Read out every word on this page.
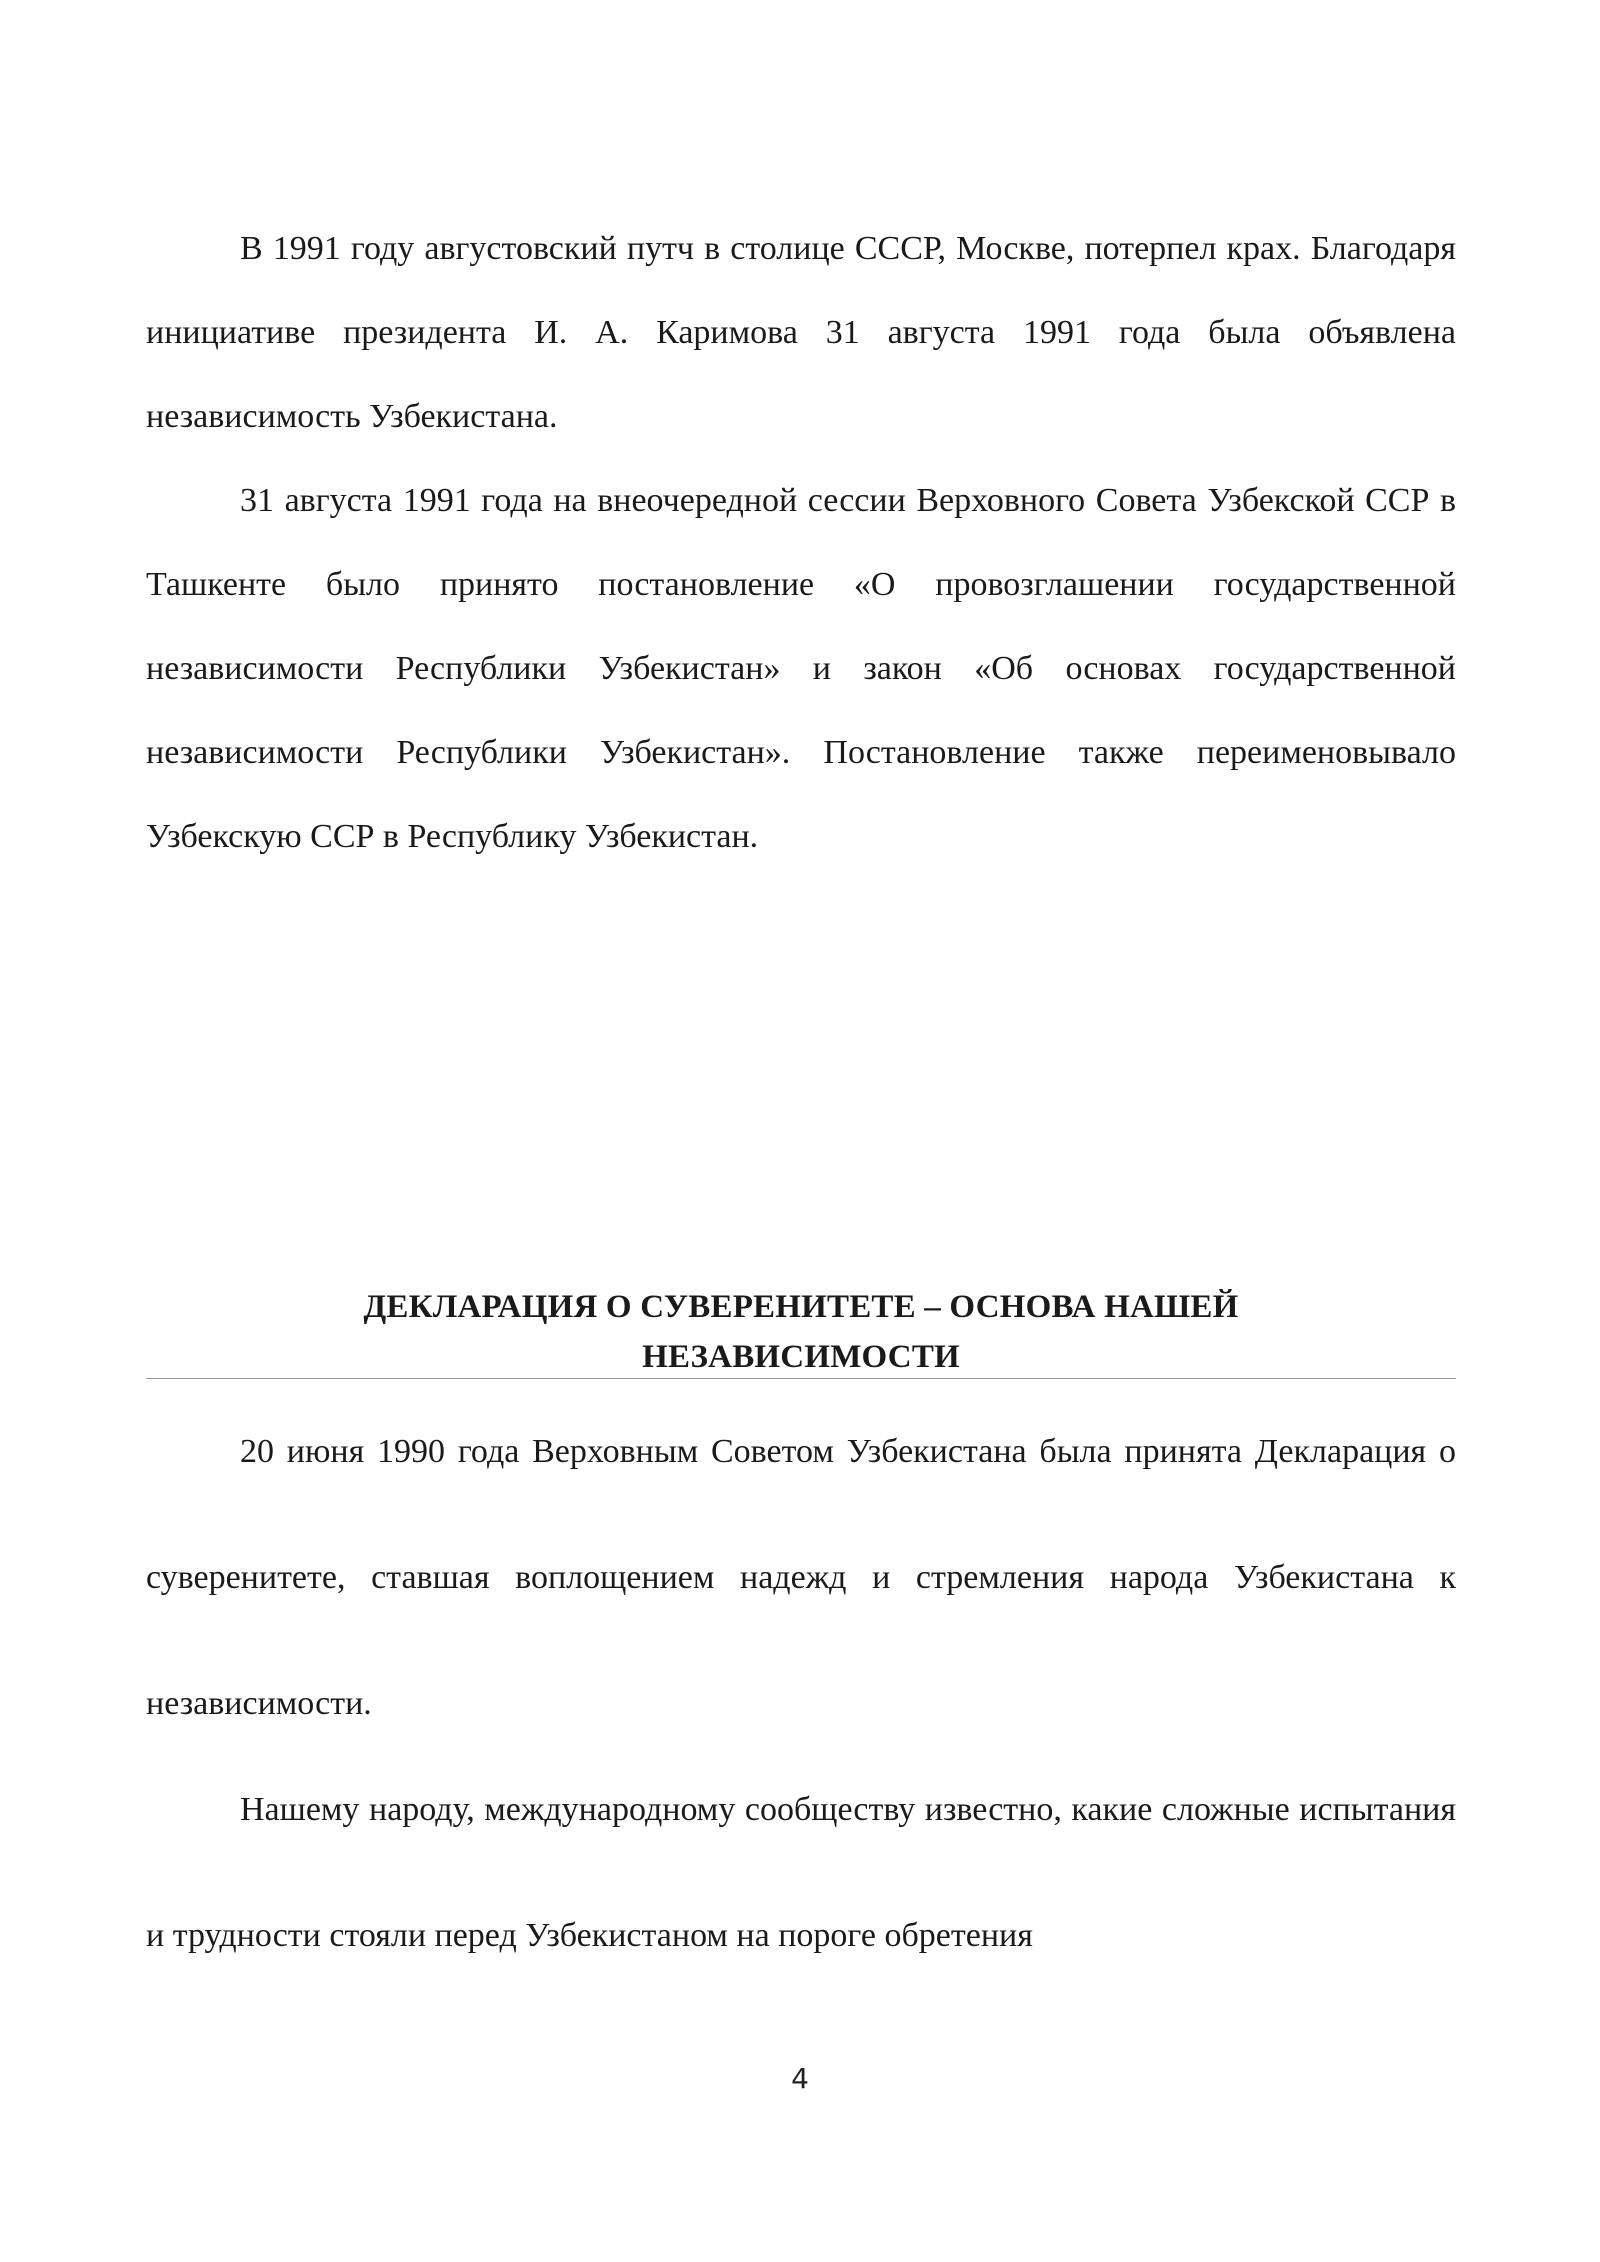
В 1991 году августовский путч в столице СССР, Москве, потерпел крах. Благодаря инициативе президента И. А. Каримова 31 августа 1991 года была объявлена независимость Узбекистана.

31 августа 1991 года на внеочередной сессии Верховного Совета Узбекской ССР в Ташкенте было принято постановление «О провозглашении государственной независимости Республики Узбекистан» и закон «Об основах государственной независимости Республики Узбекистан». Постановление также переименовывало Узбекскую ССР в Республику Узбекистан.

ДЕКЛАРАЦИЯ О СУВЕРЕНИТЕТЕ – ОСНОВА НАШЕЙ
НЕЗАВИСИМОСТИ

20 июня 1990 года Верховным Советом Узбекистана была принята Декларация о суверенитете, ставшая воплощением надежд и стремления народа Узбекистана к независимости.

Нашему народу, международному сообществу известно, какие сложные испытания и трудности стояли перед Узбекистаном на пороге обретения

4
